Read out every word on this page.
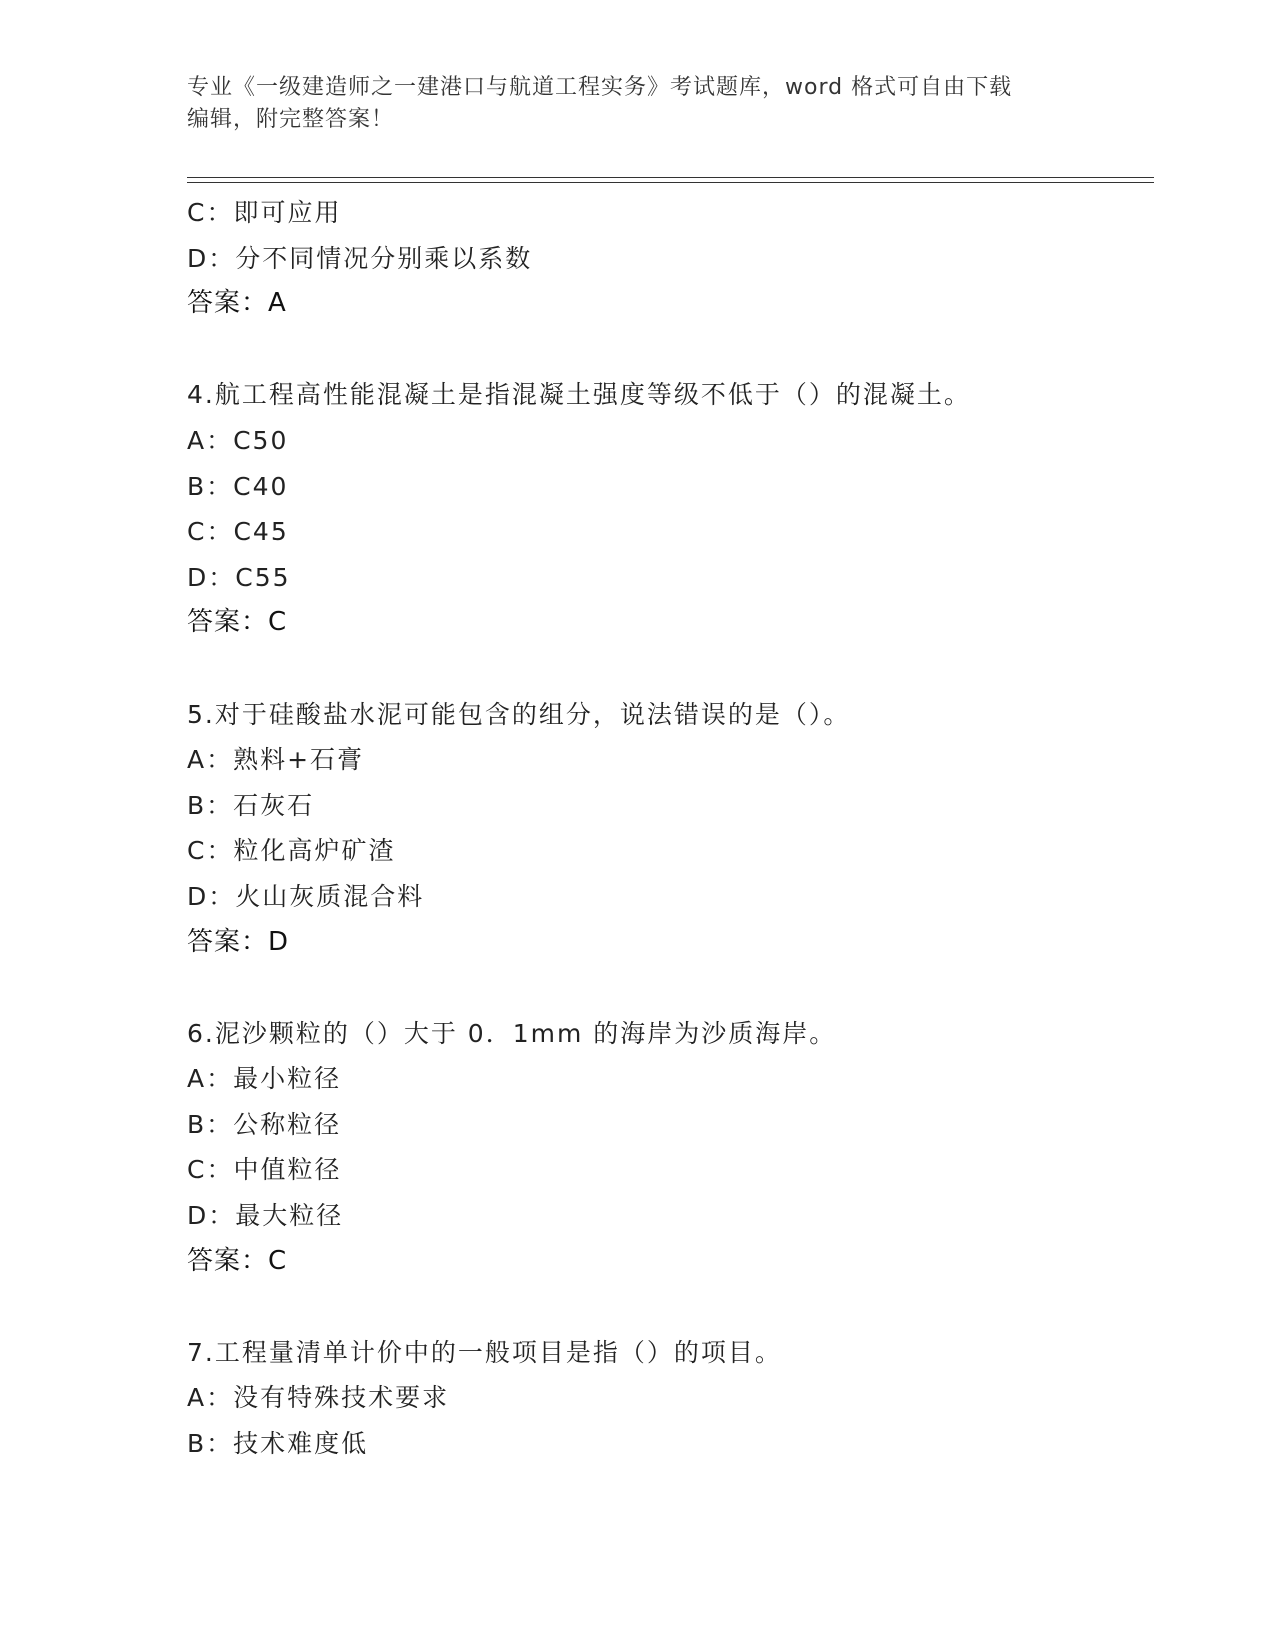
专业《一级建造师之一建港口与航道工程实务》考试题库，word 格式可自由下载
编辑，附完整答案！
C：即可应用
D：分不同情况分别乘以系数
答案：A
4.航工程高性能混凝土是指混凝土强度等级不低于（）的混凝土。
A：C50
B：C40
C：C45
D：C55
答案：C
5.对于硅酸盐水泥可能包含的组分，说法错误的是（）。
A：熟料+石膏
B：石灰石
C：粒化高炉矿渣
D：火山灰质混合料
答案：D
6.泥沙颗粒的（）大于 0．1mm 的海岸为沙质海岸。
A：最小粒径
B：公称粒径
C：中值粒径
D：最大粒径
答案：C
7.工程量清单计价中的一般项目是指（）的项目。
A：没有特殊技术要求
B：技术难度低
